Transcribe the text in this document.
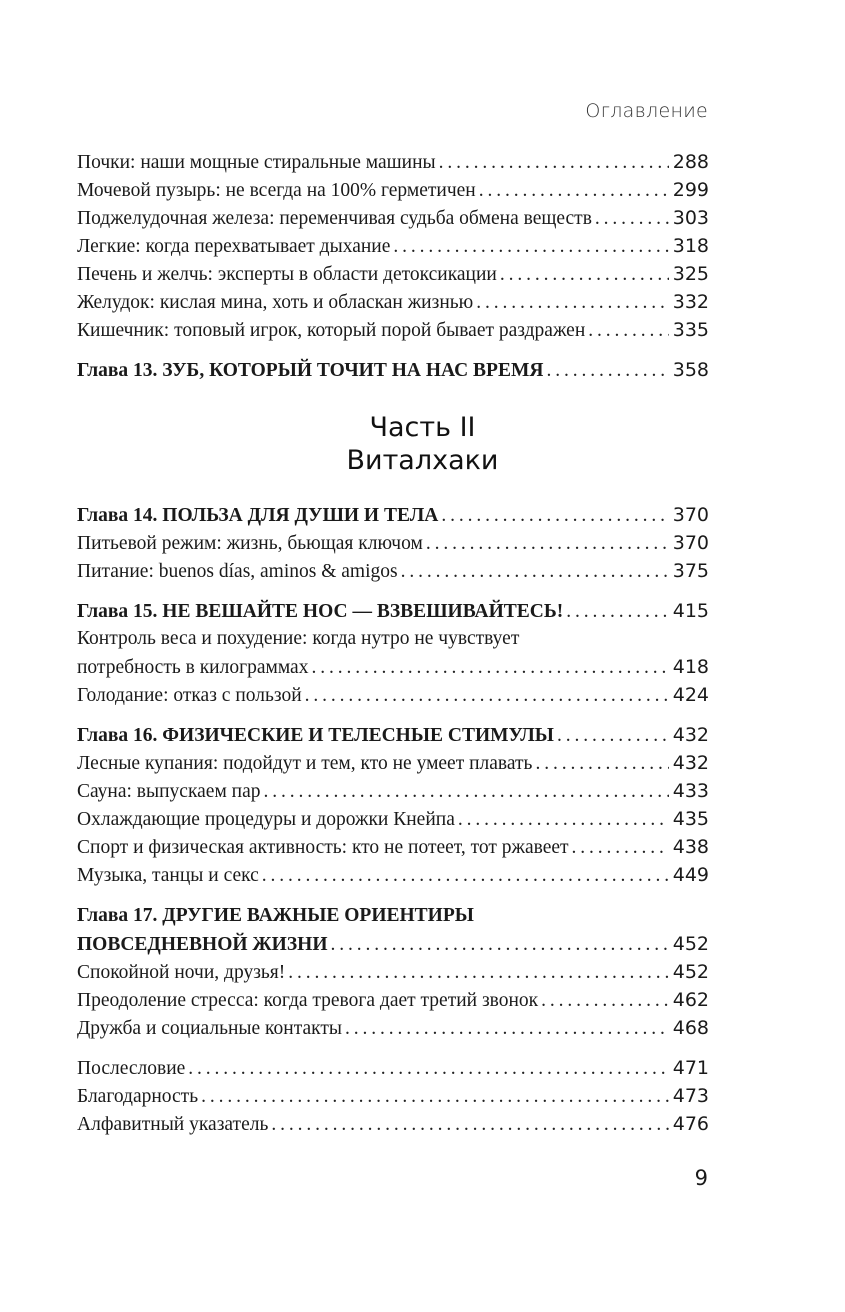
Оглавление
Почки: наши мощные стиральные машины . . .	288
Мочевой пузырь: не всегда на 100% герметичен . . .	299
Поджелудочная железа: переменчивая судьба обмена веществ . . .	303
Легкие: когда перехватывает дыхание . . .	318
Печень и желчь: эксперты в области детоксикации . . .	325
Желудок: кислая мина, хоть и обласкан жизнью . . .	332
Кишечник: топовый игрок, который порой бывает раздражен . . .	335
Глава 13. ЗУБ, КОТОРЫЙ ТОЧИТ НА НАС ВРЕМЯ . . .	358
Часть II
Виталхаки
Глава 14. ПОЛЬЗА ДЛЯ ДУШИ И ТЕЛА . . .	370
Питьевой режим: жизнь, бьющая ключом . . .	370
Питание: buenos días, aminos & amigos . . .	375
Глава 15. НЕ ВЕШАЙТЕ НОС — ВЗВЕШИВАЙТЕСЬ! . . .	415
Контроль веса и похудение: когда нутро не чувствует
потребность в килограммах . . .	418
Голодание: отказ с пользой . . .	424
Глава 16. ФИЗИЧЕСКИЕ И ТЕЛЕСНЫЕ СТИМУЛЫ . . .	432
Лесные купания: подойдут и тем, кто не умеет плавать . . .	432
Сауна: выпускаем пар . . .	433
Охлаждающие процедуры и дорожки Кнейпа . . .	435
Спорт и физическая активность: кто не потеет, тот ржавеет . . .	438
Музыка, танцы и секс . . .	449
Глава 17. ДРУГИЕ ВАЖНЫЕ ОРИЕНТИРЫ
ПОВСЕДНЕВНОЙ ЖИЗНИ . . .	452
Спокойной ночи, друзья! . . .	452
Преодоление стресса: когда тревога дает третий звонок . . .	462
Дружба и социальные контакты . . .	468
Послесловие . . .	471
Благодарность . . .	473
Алфавитный указатель . . .	476
9
